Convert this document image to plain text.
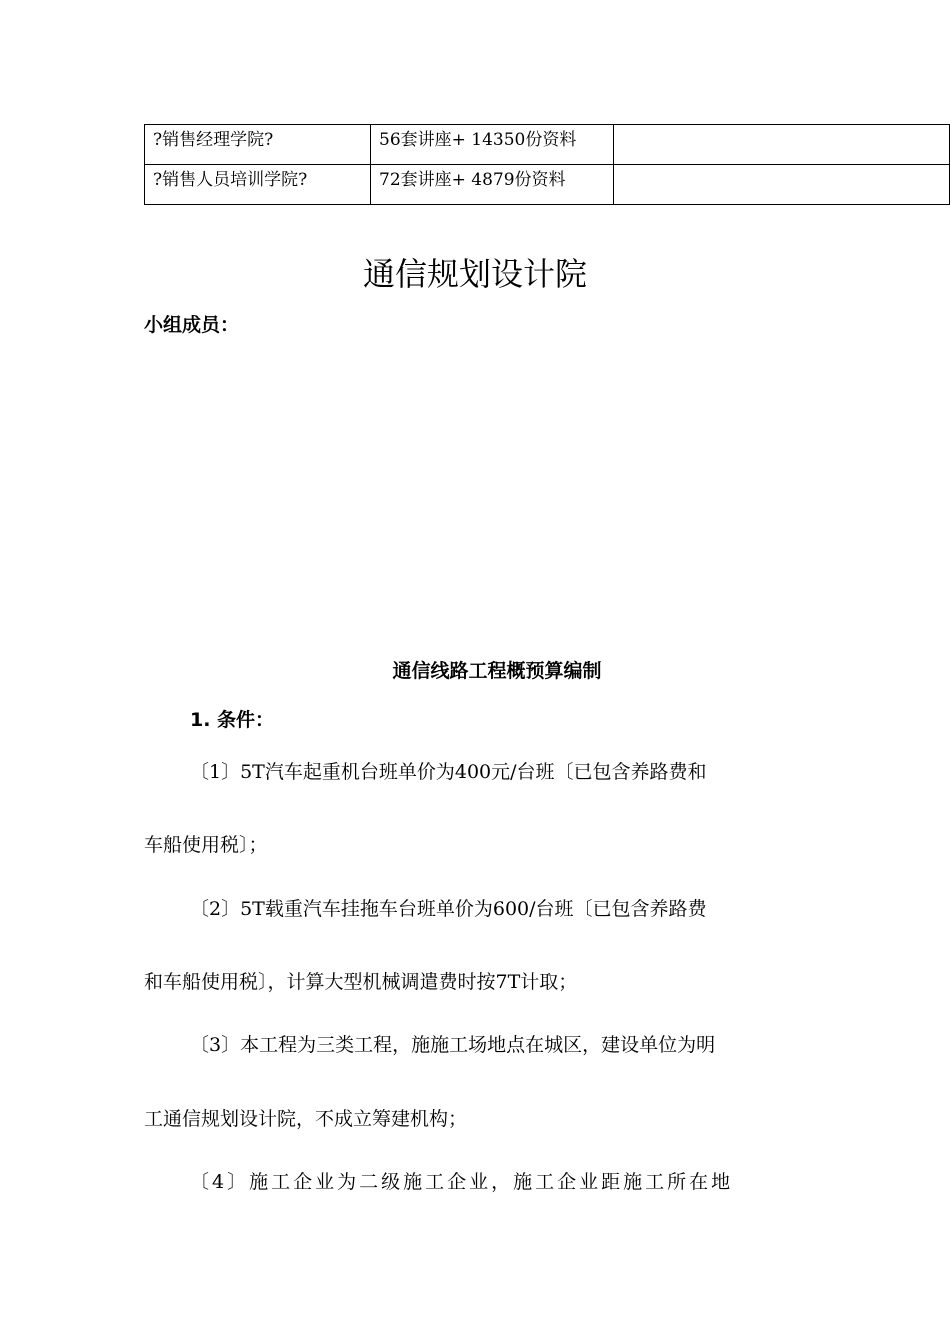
?销售经理学院?	56套讲座+ 14350份资料	
?销售人员培训学院?	72套讲座+ 4879份资料	
通信规划设计院

小组成员：

通信线路工程概预算编制

1. 条件：

〔1〕5T汽车起重机台班单价为400元/台班〔已包含养路费和

车船使用税〕；

〔2〕5T载重汽车挂拖车台班单价为600/台班〔已包含养路费

和车船使用税〕，计算大型机械调遣费时按7T计取；

〔3〕本工程为三类工程，施施工场地点在城区，建设单位为明

工通信规划设计院，不成立筹建机构；

〔4〕施工企业为二级施工企业，施工企业距施工所在地
